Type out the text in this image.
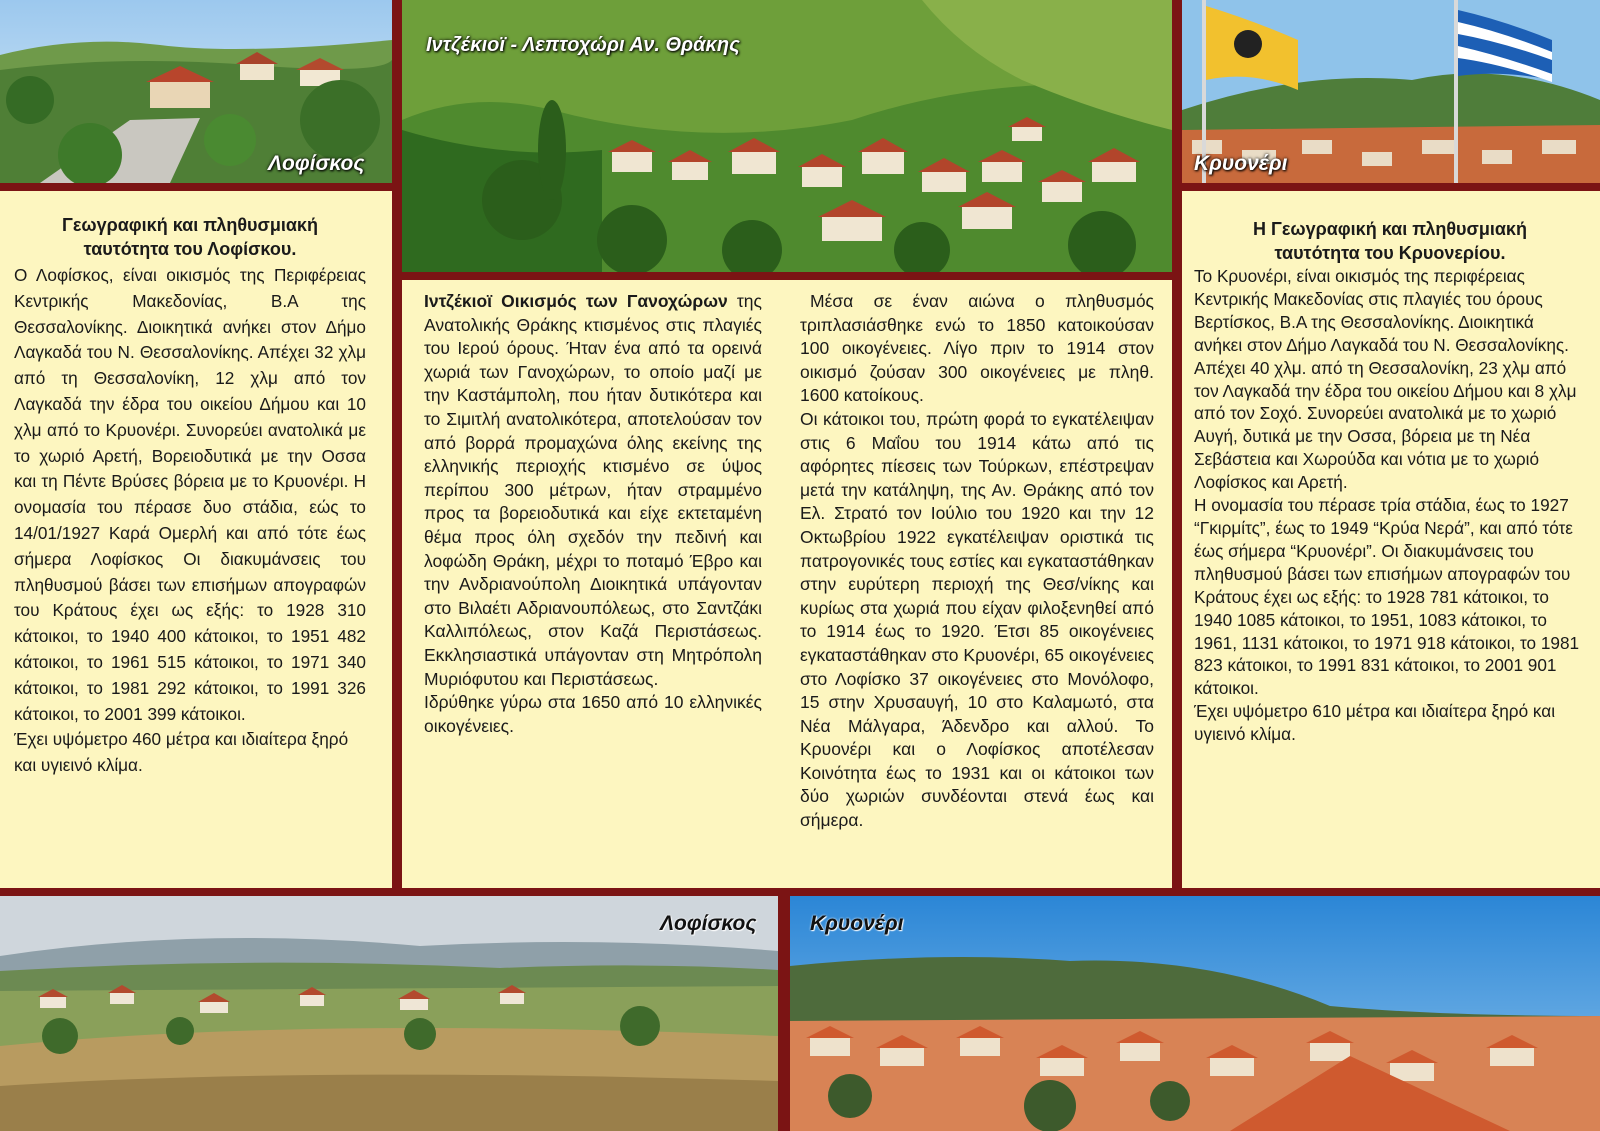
Λοφίσκος
Ιντζέκιοϊ - Λεπτοχώρι Αν. Θράκης
Κρυονέρι

Γεωγραφική και πληθυσμιακή

ταυτότητα του Λοφίσκου.

Ο Λοφίσκος, είναι οικισμός της Περιφέρειας Κεντρικής Μακεδονίας, Β.Α της Θεσσαλονίκης. Διοικητικά ανήκει στον Δήμο Λαγκαδά του Ν. Θεσσαλονίκης. Απέχει 32 χλμ από τη Θεσσαλονίκη, 12 χλμ από τον Λαγκαδά την έδρα του οικείου Δήμου και 10 χλμ από το Κρυονέρι. Συνορεύει ανατολικά με το χωριό Αρετή, Βορειοδυτικά με την Οσσα και τη Πέντε Βρύσες βόρεια με το Κρυονέρι. Η ονομασία του πέρασε δυο στάδια, εώς το 14/01/1927 Καρά Ομερλή και από τότε έως σήμερα Λοφίσκος Οι διακυμάνσεις του πληθυσμού βάσει των επισήμων απογραφών του Κράτους έχει ως εξής: το 1928 310 κάτοικοι, το 1940 400 κάτοικοι, το 1951 482 κάτοικοι, το 1961 515 κάτοικοι, το 1971 340 κάτοικοι, το 1981 292 κάτοικοι, το 1991 326 κάτοικοι, το 2001 399 κάτοικοι.

Έχει υψόμετρο 460 μέτρα και ιδιαίτερα ξηρό και υγιεινό κλίμα.

Ιντζέκιοϊ Οικισμός των Γανοχώρων της Ανατολικής Θράκης κτισμένος στις πλαγιές του Ιερού όρους. Ήταν ένα από τα ορεινά χωριά των Γανοχώρων, το οποίο μαζί με την Καστάμπολη, που ήταν δυτικότερα και το Σιμιτλή ανατολικότερα, αποτελούσαν τον από βορρά προμαχώνα όλης εκείνης της ελληνικής περιοχής κτισμένο σε ύψος περίπου 300 μέτρων, ήταν στραμμένο προς τα βορειοδυτικά και είχε εκτεταμένη θέμα προς όλη σχεδόν την πεδινή και λοφώδη Θράκη, μέχρι το ποταμό Έβρο και την Ανδριανούπολη Διοικητικά υπάγονταν στο Βιλαέτι Αδριανουπόλεως, στο Σαντζάκι Καλλιπόλεως, στον Καζά Περιστάσεως. Εκκλησιαστικά υπάγονταν στη Μητρόπολη Μυριόφυτου και Περιστάσεως.

Ιδρύθηκε γύρω στα 1650 από 10 ελληνικές οικογένειες.

Μέσα σε έναν αιώνα ο πληθυσμός τριπλασιάσθηκε ενώ το 1850 κατοικούσαν 100 οικογένειες. Λίγο πριν το 1914 στον οικισμό ζούσαν 300 οικογένειες με πληθ. 1600 κατοίκους.

Οι κάτοικοι του, πρώτη φορά το εγκατέλειψαν στις 6 Μαΐου του 1914 κάτω από τις αφόρητες πίεσεις των Τούρκων, επέστρεψαν μετά την κατάληψη, της Αν. Θράκης από τον Ελ. Στρατό τον Ιούλιο του 1920 και την 12 Οκτωβρίου 1922 εγκατέλειψαν οριστικά τις πατρογονικές τους εστίες και εγκαταστάθηκαν στην ευρύτερη περιοχή της Θεσ/νίκης και κυρίως στα χωριά που είχαν φιλοξενηθεί από το 1914 έως το 1920. Έτσι 85 οικογένειες εγκαταστάθηκαν στο Κρυονέρι, 65 οικογένειες στο Λοφίσκο 37 οικογένειες στο Μονόλοφο, 15 στην Χρυσαυγή, 10 στο Καλαμωτό, στα Νέα Μάλγαρα, Άδενδρο και αλλού. Το Κρυονέρι και ο Λοφίσκος αποτέλεσαν Κοινότητα έως το 1931 και οι κάτοικοι των δύο χωριών συνδέονται στενά έως και σήμερα.

Η Γεωγραφική και πληθυσμιακή

ταυτότητα του Κρυονερίου.

Το Κρυονέρι, είναι οικισμός της περιφέρειας Κεντρικής Μακεδονίας στις πλαγιές του όρους Βερτίσκος, Β.Α της Θεσσαλονίκης. Διοικητικά ανήκει στον Δήμο Λαγκαδά του Ν. Θεσσαλονίκης. Απέχει 40 χλμ. από τη Θεσσαλονίκη, 23 χλμ από τον Λαγκαδά την έδρα του οικείου Δήμου και 8 χλμ από τον Σοχό. Συνορεύει ανατολικά με το χωριό Αυγή, δυτικά με την Οσσα, βόρεια με τη Νέα Σεβάστεια και Χωρούδα και νότια με το χωριό Λοφίσκος και Αρετή.

Η ονομασία του πέρασε τρία στάδια, έως το 1927 “Γκιρμίτς”, έως το 1949 “Κρύα Νερά”, και από τότε έως σήμερα “Κρυονέρι”. Οι διακυμάνσεις του πληθυσμού βάσει των επισήμων απογραφών του Κράτους έχει ως εξής: το 1928 781 κάτοικοι, το 1940 1085 κάτοικοι, το 1951, 1083 κάτοικοι, το 1961, 1131 κάτοικοι, το 1971 918 κάτοικοι, το 1981 823 κάτοικοι, το 1991 831 κάτοικοι, το 2001 901 κάτοικοι.

Έχει υψόμετρο 610 μέτρα και ιδιαίτερα ξηρό και υγιεινό κλίμα.

Λοφίσκος	Κρυονέρι
